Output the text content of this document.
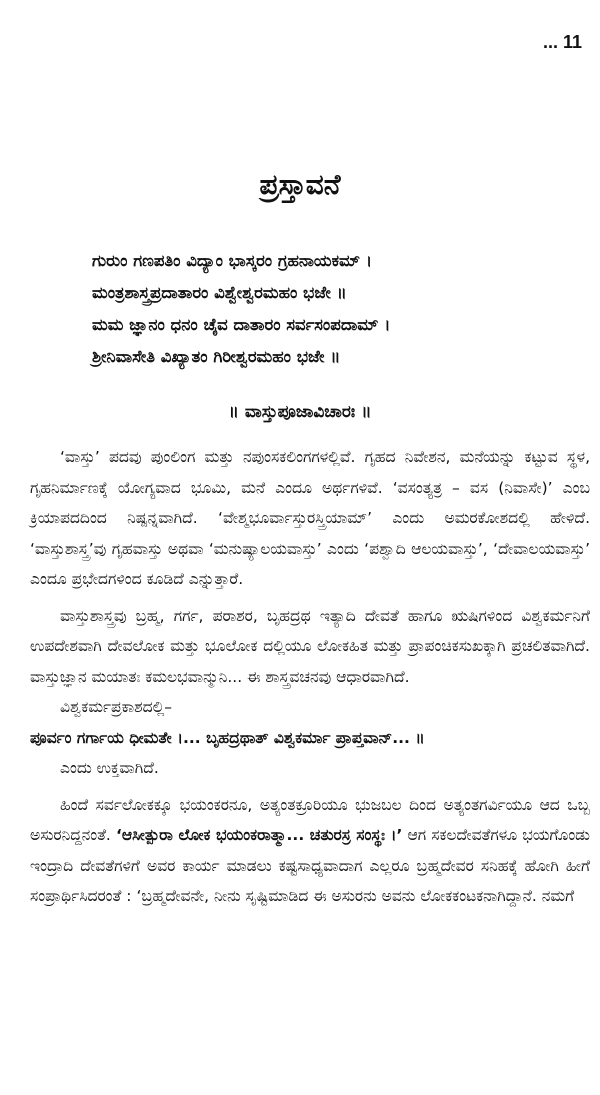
... 11
ಪ್ರಸ್ತಾವನೆ
ಗುರುಂ ಗಣಪತಿಂ ವಿದ್ಯಾಂ ಭಾಸ್ಕರಂ ಗ್ರಹನಾಯಕಮ್ ।
ಮಂತ್ರಶಾಸ್ತ್ರಪ್ರದಾತಾರಂ ವಿಶ್ವೇಶ್ವರಮಹಂ ಭಜೇ ॥
ಮಮ ಜ್ಞಾನಂ ಧನಂ ಚೈವ ದಾತಾರಂ ಸರ್ವಸಂಪದಾಮ್ ।
ಶ್ರೀನಿವಾಸೇತಿ ವಿಖ್ಯಾತಂ ಗಿರೀಶ್ವರಮಹಂ ಭಜೇ ॥
॥ ವಾಸ್ತುಪೂಜಾವಿಚಾರಃ ॥
‘ವಾಸ್ತು’ ಪದವು ಪುಂಲಿಂಗ ಮತ್ತು ನಪುಂಸಕಲಿಂಗಗಳಲ್ಲಿವೆ. ಗೃಹದ ನಿವೇಶನ, ಮನೆಯನ್ನು ಕಟ್ಟುವ ಸ್ಥಳ, ಗೃಹನಿರ್ಮಾಣಕ್ಕೆ ಯೋಗ್ಯವಾದ ಭೂಮಿ, ಮನೆ ಎಂದೂ ಅರ್ಥಗಳಿವೆ. ‘ವಸಂತ್ಯತ್ರ – ವಸ (ನಿವಾಸೇ)’ ಎಂಬ ಕ್ರಿಯಾಪದದಿಂದ ನಿಷ್ಪನ್ನವಾಗಿದೆ. ‘ವೇಶ್ಮಭೂರ್ವಾಸ್ತುರಸ್ತ್ರಿಯಾಮ್’ ಎಂದು ಅಮರಕೋಶದಲ್ಲಿ ಹೇಳಿದೆ. ‘ವಾಸ್ತುಶಾಸ್ತ್ರ’ವು ಗೃಹವಾಸ್ತು ಅಥವಾ ‘ಮನುಷ್ಯಾಲಯವಾಸ್ತು’ ಎಂದು ‘ಪಶ್ವಾದಿ ಆಲಯವಾಸ್ತು’, ‘ದೇವಾಲಯವಾಸ್ತು’ ಎಂದೂ ಪ್ರಭೇದಗಳಿಂದ ಕೂಡಿದೆ ಎನ್ನುತ್ತಾರೆ.
ವಾಸ್ತುಶಾಸ್ತ್ರವು ಬ್ರಹ್ಮ, ಗರ್ಗ, ಪರಾಶರ, ಬೃಹದ್ರಥ ಇತ್ಯಾದಿ ದೇವತೆ ಹಾಗೂ ಋಷಿಗಳಿಂದ ವಿಶ್ವಕರ್ಮನಿಗೆ ಉಪದೇಶವಾಗಿ ದೇವಲೋಕ ಮತ್ತು ಭೂಲೋಕ ದಲ್ಲಿಯೂ ಲೋಕಹಿತ ಮತ್ತು ಪ್ರಾಪಂಚಿಕಸುಖಕ್ಕಾಗಿ ಪ್ರಚಲಿತವಾಗಿದೆ. ವಾಸ್ತುಜ್ಞಾನ ಮಯಾತಃ ಕಮಲಭವಾನ್ಮುನಿ... ಈ ಶಾಸ್ತ್ರವಚನವು ಆಧಾರವಾಗಿದೆ.
ವಿಶ್ವಕರ್ಮಪ್ರಕಾಶದಲ್ಲಿ–
ಪೂರ್ವಂ ಗರ್ಗಾಯ ಧೀಮತೇ ।... ಬೃಹದ್ರಥಾತ್ ವಿಶ್ವಕರ್ಮಾ ಪ್ರಾಪ್ತವಾನ್... ॥
ಎಂದು ಉಕ್ತವಾಗಿದೆ.
ಹಿಂದೆ ಸರ್ವಲೋಕಕ್ಕೂ ಭಯಂಕರನೂ, ಅತ್ಯಂತಕ್ರೂರಿಯೂ ಭುಜಬಲ ದಿಂದ ಅತ್ಯಂತಗರ್ವಿಯೂ ಆದ ಒಬ್ಬ ಅಸುರನಿದ್ದನಂತೆ. ‘ಆಸೀತ್ಪುರಾ ಲೋಕ ಭಯಂಕರಾತ್ಮಾ... ಚತುರಸ್ರ ಸಂಸ್ಥಃ ।’ ಆಗ ಸಕಲದೇವತೆಗಳೂ ಭಯಗೊಂಡು ಇಂದ್ರಾದಿ ದೇವತೆಗಳಿಗೆ ಅವರ ಕಾರ್ಯ ಮಾಡಲು ಕಷ್ಟಸಾಧ್ಯವಾದಾಗ ಎಲ್ಲರೂ ಬ್ರಹ್ಮದೇವರ ಸನಿಹಕ್ಕೆ ಹೋಗಿ ಹೀಗೆ ಸಂಪ್ರಾರ್ಥಿಸಿದರಂತೆ : ‘ಬ್ರಹ್ಮದೇವನೇ, ನೀನು ಸೃಷ್ಟಿಮಾಡಿದ ಈ ಅಸುರನು ಅವನು ಲೋಕಕಂಟಕನಾಗಿದ್ದಾನೆ. ನಮಗೆ
